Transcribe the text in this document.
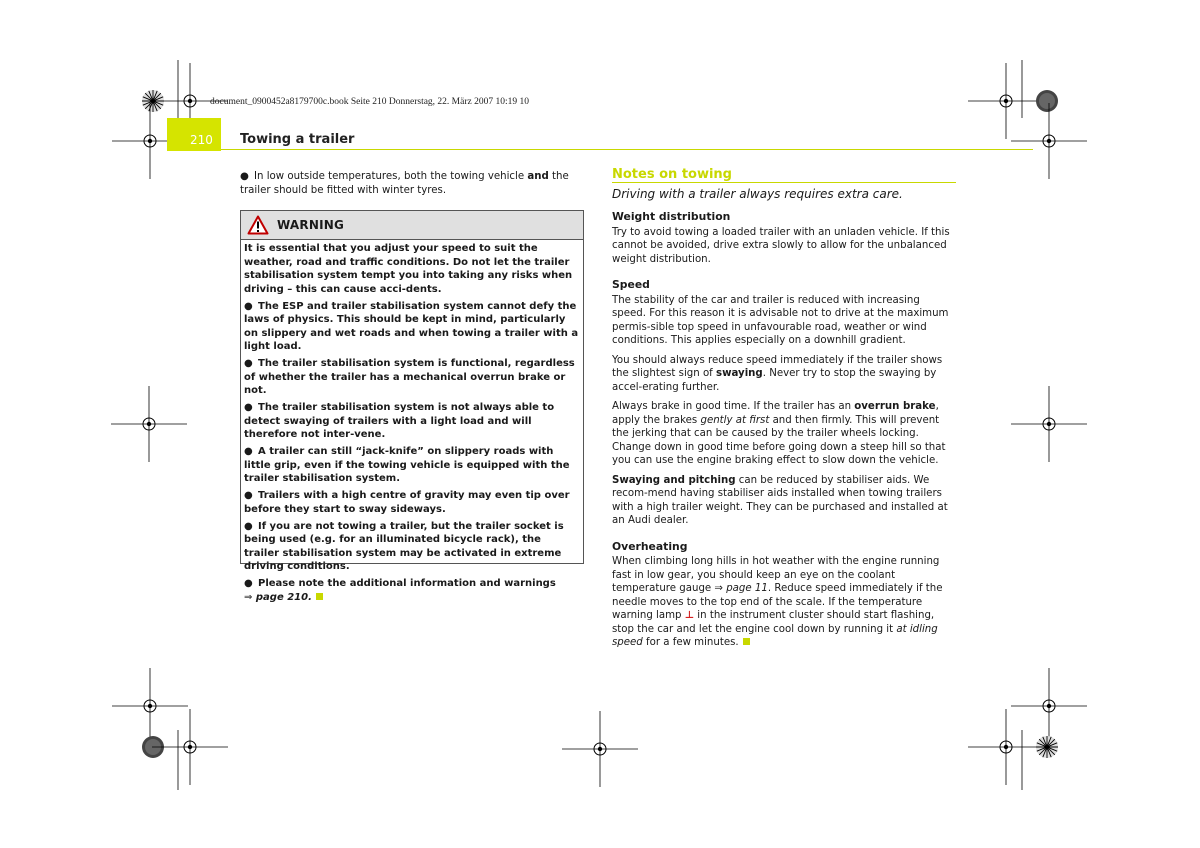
document_0900452a8179700c.book Seite 210 Donnerstag, 22. März 2007 10:19 10
210 Towing a trailer

● In low outside temperatures, both the towing vehicle and the trailer should be fitted with winter tyres.

WARNING

It is essential that you adjust your speed to suit the weather, road and traffic conditions. Do not let the trailer stabilisation system tempt you into taking any risks when driving – this can cause acci-dents.

● The ESP and trailer stabilisation system cannot defy the laws of physics. This should be kept in mind, particularly on slippery and wet roads and when towing a trailer with a light load.

● The trailer stabilisation system is functional, regardless of whether the trailer has a mechanical overrun brake or not.

● The trailer stabilisation system is not always able to detect swaying of trailers with a light load and will therefore not inter-vene.

● A trailer can still “jack-knife” on slippery roads with little grip, even if the towing vehicle is equipped with the trailer stabilisation system.

● Trailers with a high centre of gravity may even tip over before they start to sway sideways.

● If you are not towing a trailer, but the trailer socket is being used (e.g. for an illuminated bicycle rack), the trailer stabilisation system may be activated in extreme driving conditions.

● Please note the additional information and warnings
⇒ page 210.

Notes on towing

Driving with a trailer always requires extra care.

Weight distribution

Try to avoid towing a loaded trailer with an unladen vehicle. If this cannot be avoided, drive extra slowly to allow for the unbalanced weight distribution.

Speed

The stability of the car and trailer is reduced with increasing speed. For this reason it is advisable not to drive at the maximum permis-sible top speed in unfavourable road, weather or wind conditions. This applies especially on a downhill gradient.

You should always reduce speed immediately if the trailer shows the slightest sign of swaying. Never try to stop the swaying by accel-erating further.

Always brake in good time. If the trailer has an overrun brake, apply the brakes gently at first and then firmly. This will prevent the jerking that can be caused by the trailer wheels locking. Change down in good time before going down a steep hill so that you can use the engine braking effect to slow down the vehicle.

Swaying and pitching can be reduced by stabiliser aids. We recom-mend having stabiliser aids installed when towing trailers with a high trailer weight. They can be purchased and installed at an Audi dealer.

Overheating

When climbing long hills in hot weather with the engine running fast in low gear, you should keep an eye on the coolant temperature gauge ⇒ page 11. Reduce speed immediately if the needle moves to the top end of the scale. If the temperature warning lamp ⊥ in the instrument cluster should start flashing, stop the car and let the engine cool down by running it at idling speed for a few minutes.
